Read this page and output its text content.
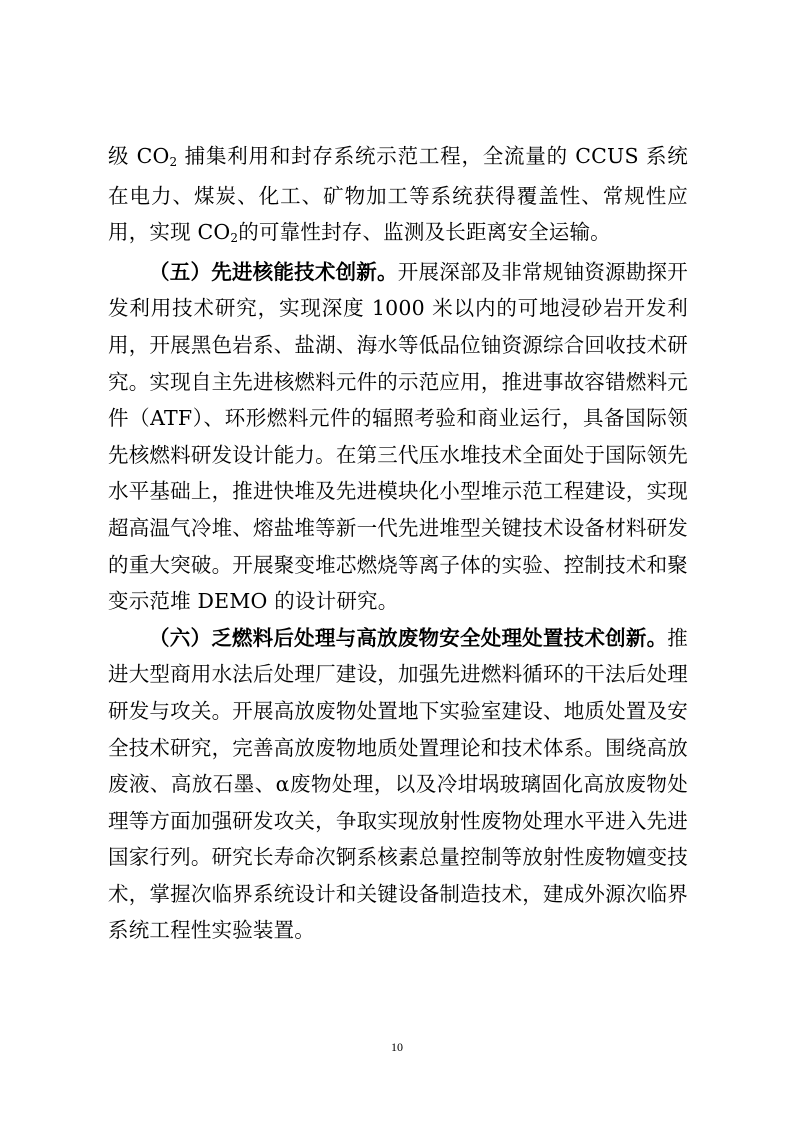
级 $CO_2$ 捕集利用和封存系统示范工程，全流量的 CCUS 系统在电力、煤炭、化工、矿物加工等系统获得覆盖性、常规性应用，实现 $CO_2$的可靠性封存、监测及长距离安全运输。

（五）先进核能技术创新。开展深部及非常规铀资源勘探开发利用技术研究，实现深度 1000 米以内的可地浸砂岩开发利用，开展黑色岩系、盐湖、海水等低品位铀资源综合回收技术研究。实现自主先进核燃料元件的示范应用，推进事故容错燃料元件（ATF）、环形燃料元件的辐照考验和商业运行，具备国际领先核燃料研发设计能力。在第三代压水堆技术全面处于国际领先水平基础上，推进快堆及先进模块化小型堆示范工程建设，实现超高温气冷堆、熔盐堆等新一代先进堆型关键技术设备材料研发的重大突破。开展聚变堆芯燃烧等离子体的实验、控制技术和聚变示范堆 DEMO 的设计研究。

（六）乏燃料后处理与高放废物安全处理处置技术创新。推进大型商用水法后处理厂建设，加强先进燃料循环的干法后处理研发与攻关。开展高放废物处置地下实验室建设、地质处置及安全技术研究，完善高放废物地质处置理论和技术体系。围绕高放废液、高放石墨、α废物处理，以及冷坩埚玻璃固化高放废物处理等方面加强研发攻关，争取实现放射性废物处理水平进入先进国家行列。研究长寿命次锕系核素总量控制等放射性废物嬗变技术，掌握次临界系统设计和关键设备制造技术，建成外源次临界系统工程性实验装置。

10
